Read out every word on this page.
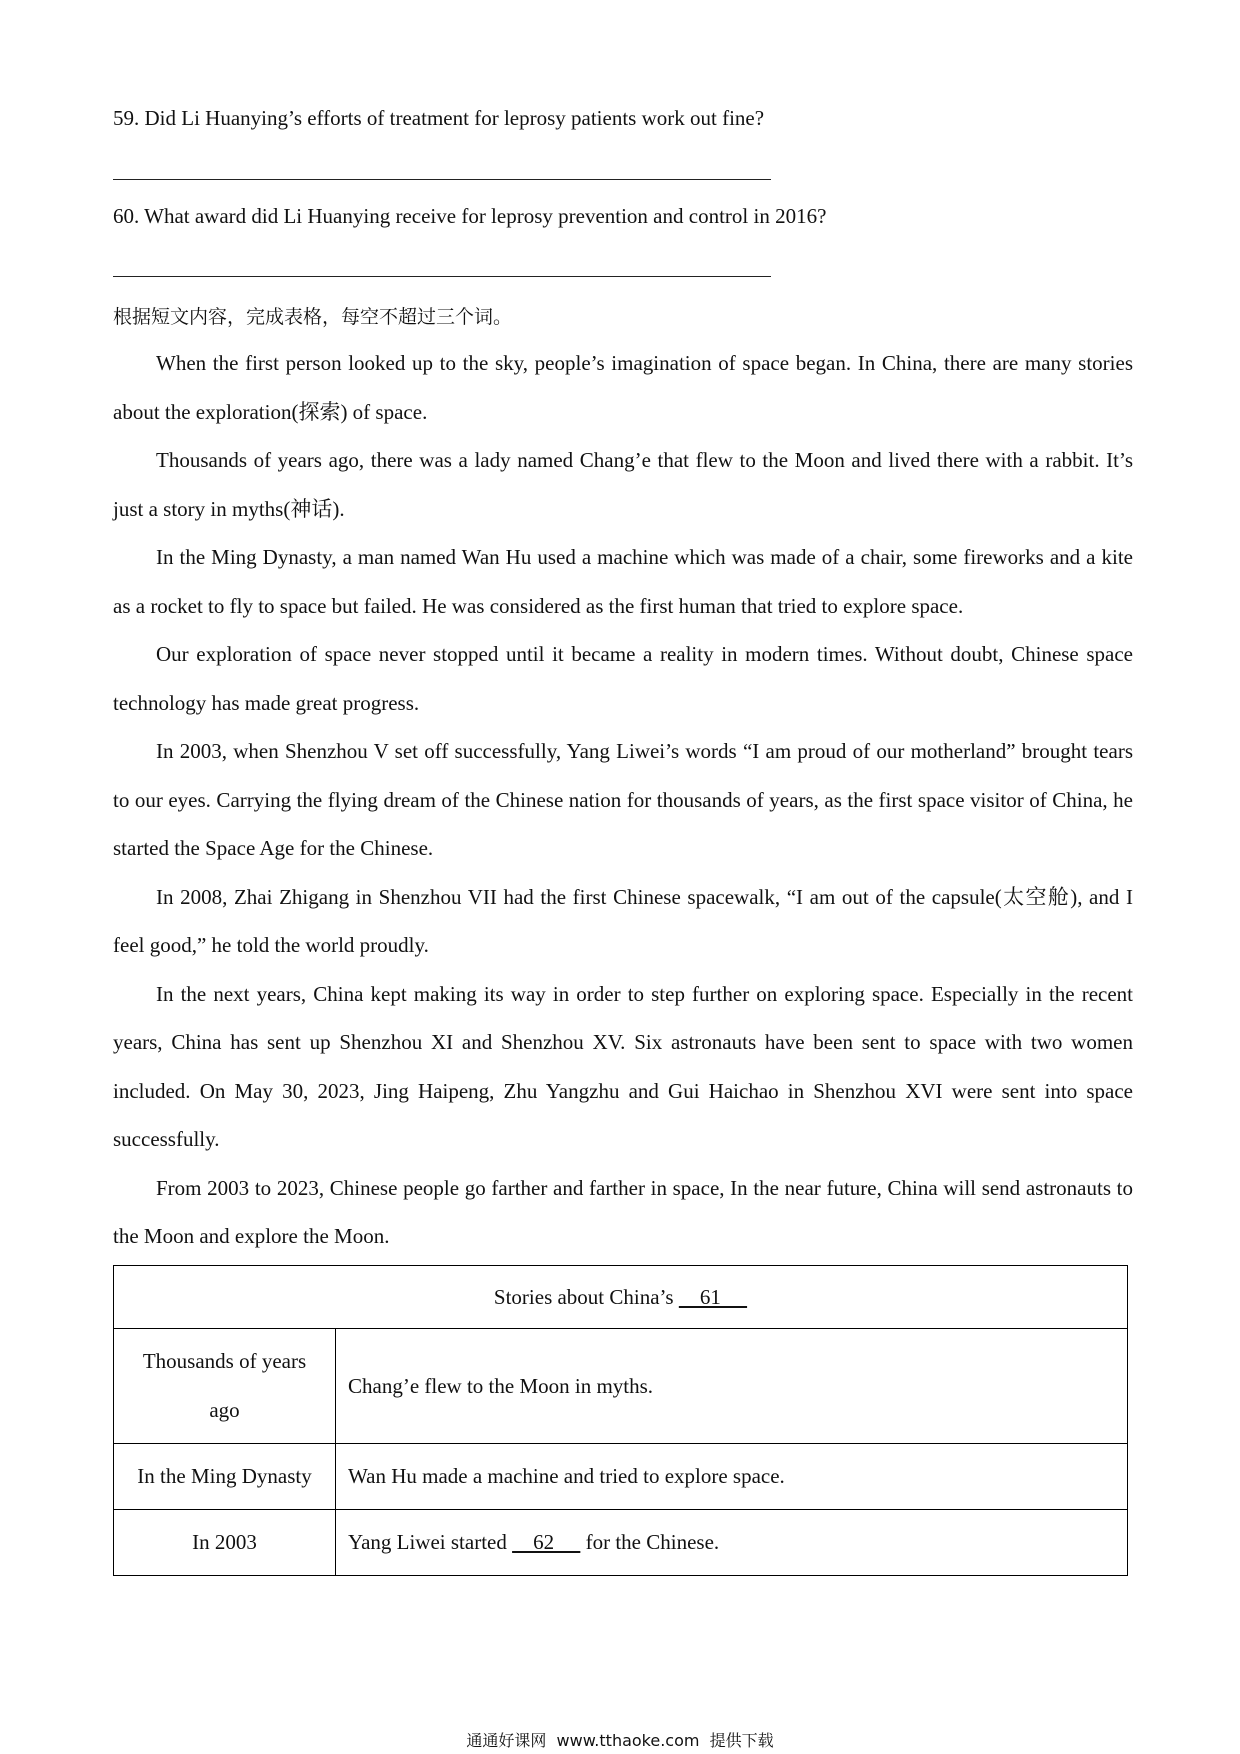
59. Did Li Huanying’s efforts of treatment for leprosy patients work out fine?
60. What award did Li Huanying receive for leprosy prevention and control in 2016?
根据短文内容，完成表格，每空不超过三个词。

When the first person looked up to the sky, people’s imagination of space began. In China, there are many stories about the exploration(探索) of space.

Thousands of years ago, there was a lady named Chang’e that flew to the Moon and lived there with a rabbit. It’s just a story in myths(神话).

In the Ming Dynasty, a man named Wan Hu used a machine which was made of a chair, some fireworks and a kite as a rocket to fly to space but failed. He was considered as the first human that tried to explore space.

Our exploration of space never stopped until it became a reality in modern times. Without doubt, Chinese space technology has made great progress.

In 2003, when Shenzhou V set off successfully, Yang Liwei’s words “I am proud of our motherland” brought tears to our eyes. Carrying the flying dream of the Chinese nation for thousands of years, as the first space visitor of China, he started the Space Age for the Chinese.

In 2008, Zhai Zhigang in Shenzhou VII had the first Chinese spacewalk, “I am out of the capsule(太空舱), and I feel good,” he told the world proudly.

In the next years, China kept making its way in order to step further on exploring space. Especially in the recent years, China has sent up Shenzhou XI and Shenzhou XV. Six astronauts have been sent to space with two women included. On May 30, 2023, Jing Haipeng, Zhu Yangzhu and Gui Haichao in Shenzhou XVI were sent into space successfully.

From 2003 to 2023, Chinese people go farther and farther in space, In the near future, China will send astronauts to the Moon and explore the Moon.

Stories about China’s     61	
Thousands of years ago	Chang’e flew to the Moon in myths.
In the Ming Dynasty	Wan Hu made a machine and tried to explore space.
In 2003	Yang Liwei started     62      for the Chinese.
通通好课网  www.tthaoke.com  提供下载
